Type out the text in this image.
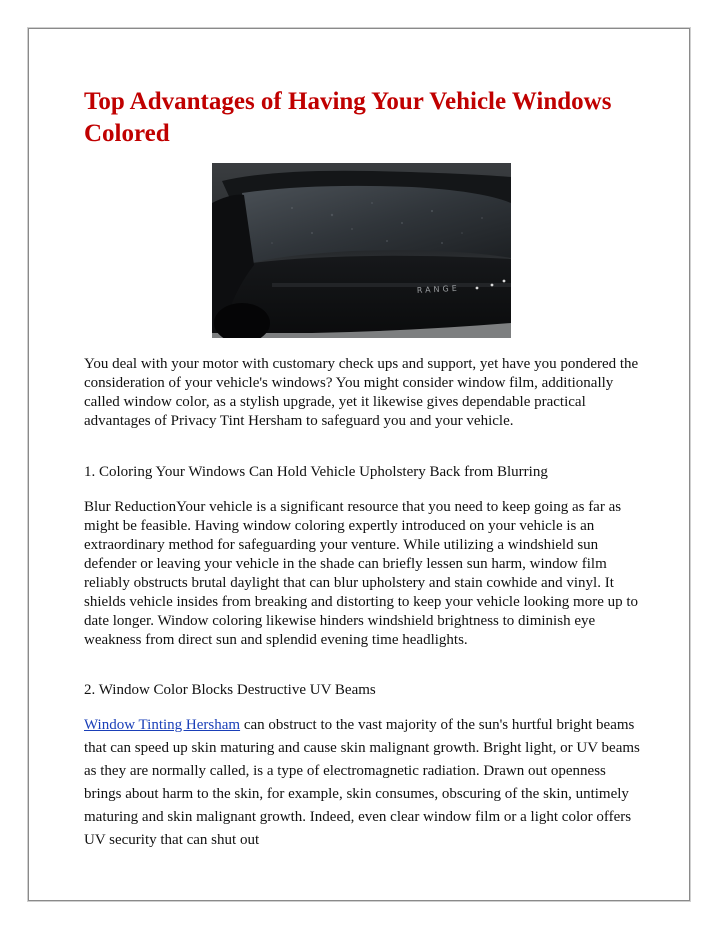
Top Advantages of Having Your Vehicle Windows Colored
RANGE

You deal with your motor with customary check ups and support, yet have you pondered the consideration of your vehicle's windows? You might consider window film, additionally called window color, as a stylish upgrade, yet it likewise gives dependable practical advantages of Privacy Tint Hersham to safeguard you and your vehicle.

1. Coloring Your Windows Can Hold Vehicle Upholstery Back from Blurring

Blur ReductionYour vehicle is a significant resource that you need to keep going as far as might be feasible. Having window coloring expertly introduced on your vehicle is an extraordinary method for safeguarding your venture. While utilizing a windshield sun defender or leaving your vehicle in the shade can briefly lessen sun harm, window film reliably obstructs brutal daylight that can blur upholstery and stain cowhide and vinyl. It shields vehicle insides from breaking and distorting to keep your vehicle looking more up to date longer. Window coloring likewise hinders windshield brightness to diminish eye weakness from direct sun and splendid evening time headlights.

2. Window Color Blocks Destructive UV Beams

Window Tinting Hersham can obstruct to the vast majority of the sun's hurtful bright beams that can speed up skin maturing and cause skin malignant growth. Bright light, or UV beams as they are normally called, is a type of electromagnetic radiation. Drawn out openness brings about harm to the skin, for example, skin consumes, obscuring of the skin, untimely maturing and skin malignant growth. Indeed, even clear window film or a light color offers UV security that can shut out
